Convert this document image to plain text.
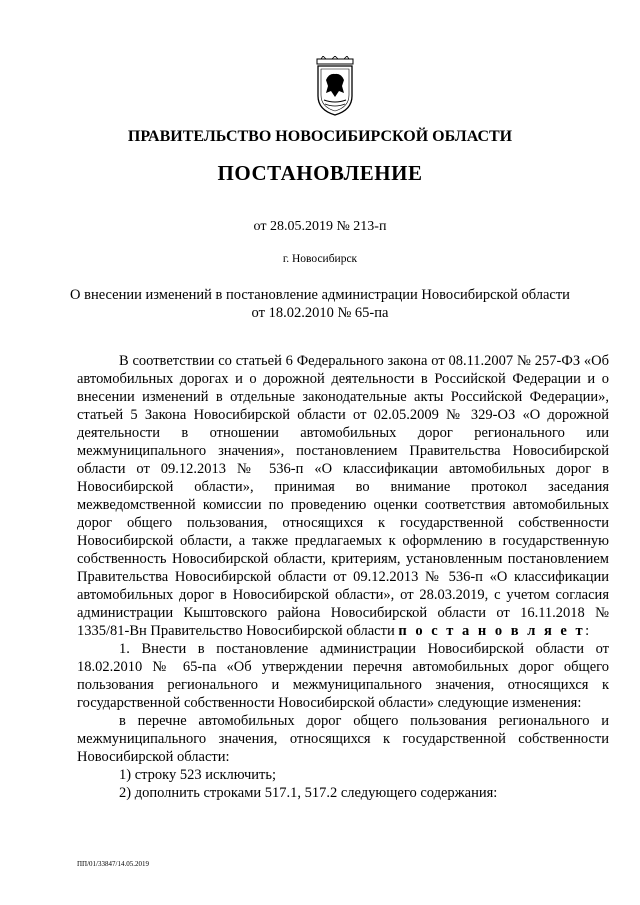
ПРАВИТЕЛЬСТВО НОВОСИБИРСКОЙ ОБЛАСТИ
ПОСТАНОВЛЕНИЕ
от 28.05.2019 № 213-п
г. Новосибирск
О внесении изменений в постановление администрации Новосибирской области
от 18.02.2010 № 65-па

В соответствии со статьей 6 Федерального закона от 08.11.2007 № 257-ФЗ «Об автомобильных дорогах и о дорожной деятельности в Российской Федерации и о внесении изменений в отдельные законодательные акты Российской Федерации», статьей 5 Закона Новосибирской области от 02.05.2009 № 329-ОЗ «О дорожной деятельности в отношении автомобильных дорог регионального или межмуниципального значения», постановлением Правительства Новосибирской области от 09.12.2013 № 536-п «О классификации автомобильных дорог в Новосибирской области», принимая во внимание протокол заседания межведомственной комиссии по проведению оценки соответствия автомобильных дорог общего пользования, относящихся к государственной собственности Новосибирской области, а также предлагаемых к оформлению в государственную собственность Новосибирской области, критериям, установленным постановлением Правительства Новосибирской области от 09.12.2013 № 536-п «О классификации автомобильных дорог в Новосибирской области», от 28.03.2019, с учетом согласия администрации Кыштовского района Новосибирской области от 16.11.2018 № 1335/81-Вн Правительство Новосибирской области п о с т а н о в л я е т:

1. Внести в постановление администрации Новосибирской области от 18.02.2010 № 65-па «Об утверждении перечня автомобильных дорог общего пользования регионального и межмуниципального значения, относящихся к государственной собственности Новосибирской области» следующие изменения:

в перечне автомобильных дорог общего пользования регионального и межмуниципального значения, относящихся к государственной собственности Новосибирской области:

1) строку 523 исключить;

2) дополнить строками 517.1, 517.2 следующего содержания:

ПП/01/33847/14.05.2019
